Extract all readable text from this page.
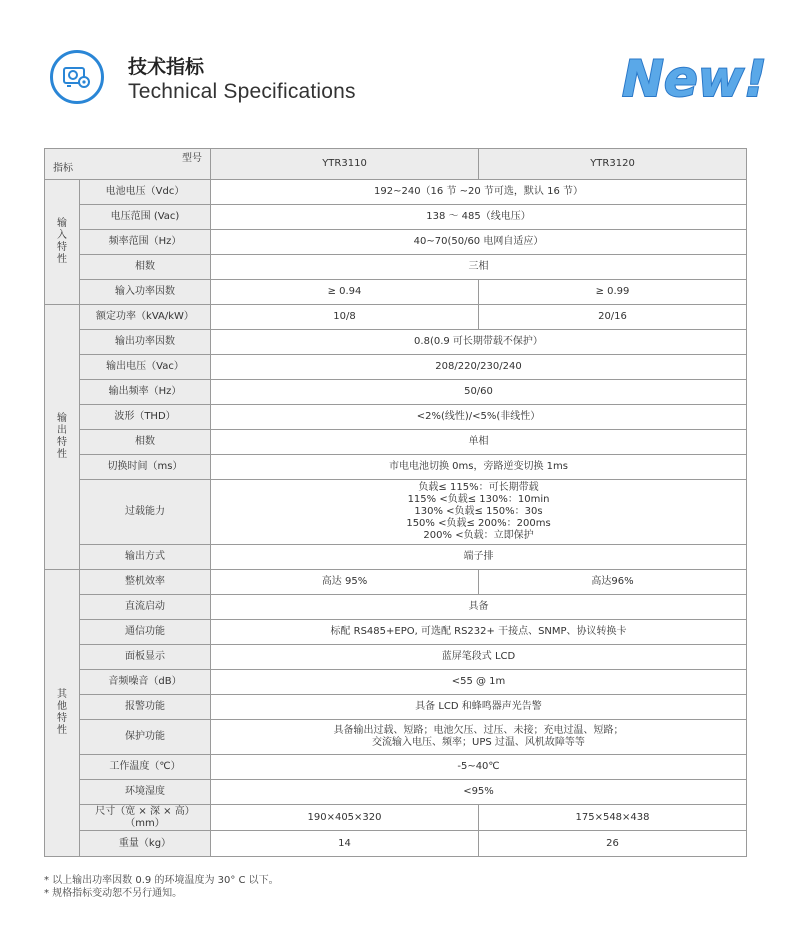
技术指标
Technical Specifications	New!
型号
指标		YTR3110	YTR3120
输
入
特
性	电池电压（Vdc）	192~240（16 节 ~20 节可选，默认 16 节）	
	电压范围 (Vac)	138 ～ 485（线电压）	
	频率范围（Hz）	40~70(50/60 电网自适应）	
	相数	三相	
	输入功率因数	≥ 0.94	≥ 0.99
输
出
特
性	额定功率（kVA/kW）	10/8	20/16
	输出功率因数	0.8(0.9 可长期带载不保护）	
	输出电压（Vac）	208/220/230/240	
	输出频率（Hz）	50/60	
	波形（THD）	<2%(线性)/<5%(非线性）	
	相数	单相	
	切换时间（ms）	市电电池切换 0ms，旁路逆变切换 1ms	
	过载能力	负载≤ 115%：可长期带载
115% <负载≤ 130%：10min
130% <负载≤ 150%：30s
150% <负载≤ 200%：200ms
200% <负载：立即保护	

	输出方式	端子排	
其
他
特
性	整机效率	高达 95%	高达96%
	直流启动	具备	
	通信功能	标配 RS485+EPO, 可选配 RS232+ 干接点、SNMP、协议转换卡	
	面板显示	蓝屏笔段式 LCD	
	音频噪音（dB）	<55 @ 1m	
	报警功能	具备 LCD 和蜂鸣器声光告警	
	保护功能	具备输出过载、短路；电池欠压、过压、未接；充电过温、短路；
交流输入电压、频率；UPS 过温、风机故障等等	

	工作温度（℃）	-5~40℃	
	环境湿度	<95%	

	尺寸（宽 × 深 × 高）
（mm）	190×405×320	175×548×438
	重量（kg）	14	26
* 以上输出功率因数 0.9 的环境温度为 30° C 以下。
* 规格指标变动恕不另行通知。
